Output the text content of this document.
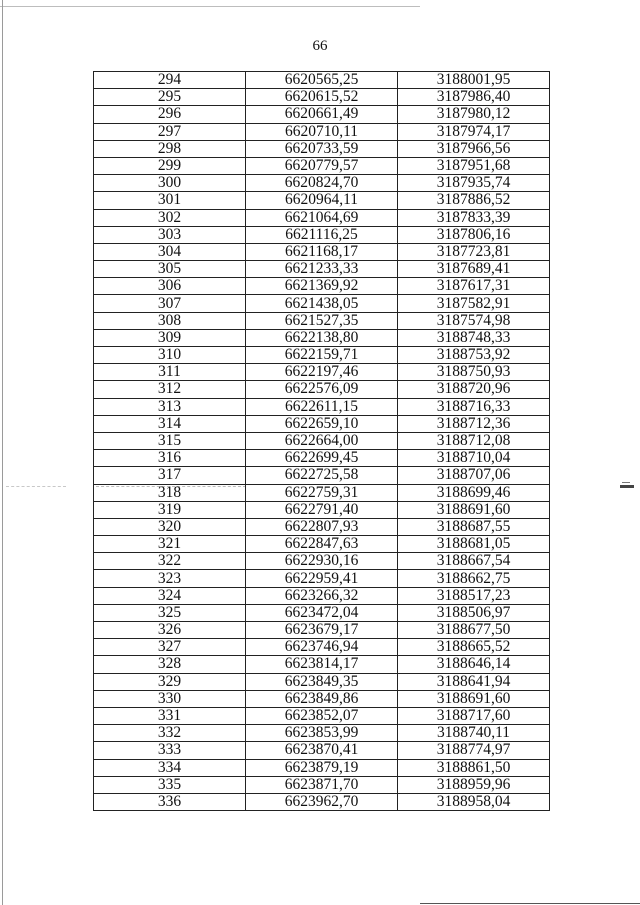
66
294	6620565,25	3188001,95
295	6620615,52	3187986,40
296	6620661,49	3187980,12
297	6620710,11	3187974,17
298	6620733,59	3187966,56
299	6620779,57	3187951,68
300	6620824,70	3187935,74
301	6620964,11	3187886,52
302	6621064,69	3187833,39
303	6621116,25	3187806,16
304	6621168,17	3187723,81
305	6621233,33	3187689,41
306	6621369,92	3187617,31
307	6621438,05	3187582,91
308	6621527,35	3187574,98
309	6622138,80	3188748,33
310	6622159,71	3188753,92
311	6622197,46	3188750,93
312	6622576,09	3188720,96
313	6622611,15	3188716,33
314	6622659,10	3188712,36
315	6622664,00	3188712,08
316	6622699,45	3188710,04
317	6622725,58	3188707,06
318	6622759,31	3188699,46
319	6622791,40	3188691,60
320	6622807,93	3188687,55
321	6622847,63	3188681,05
322	6622930,16	3188667,54
323	6622959,41	3188662,75
324	6623266,32	3188517,23
325	6623472,04	3188506,97
326	6623679,17	3188677,50
327	6623746,94	3188665,52
328	6623814,17	3188646,14
329	6623849,35	3188641,94
330	6623849,86	3188691,60
331	6623852,07	3188717,60
332	6623853,99	3188740,11
333	6623870,41	3188774,97
334	6623879,19	3188861,50
335	6623871,70	3188959,96
336	6623962,70	3188958,04
